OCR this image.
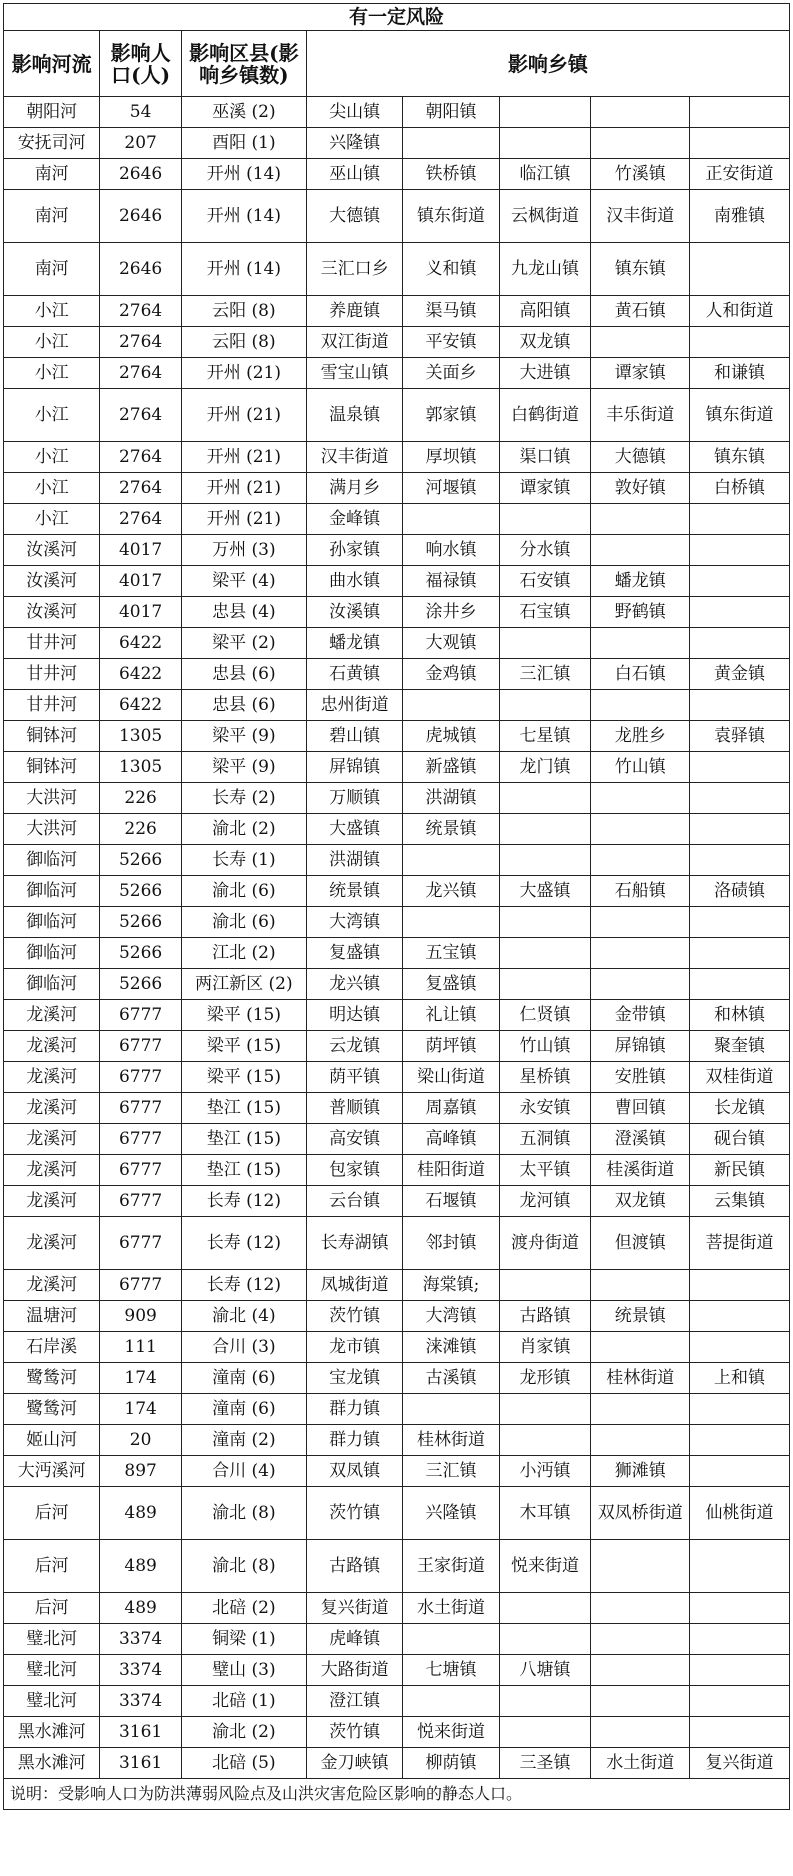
有一定风险							
影响河流	影响人口(人)	影响区县(影响乡镇数)	影响乡镇				
朝阳河	54	巫溪 (2)	尖山镇	朝阳镇			
安抚司河	207	酉阳 (1)	兴隆镇				
南河	2646	开州 (14)	巫山镇	铁桥镇	临江镇	竹溪镇	正安街道
南河	2646	开州 (14)	大德镇	镇东街道	云枫街道	汉丰街道	南雅镇
南河	2646	开州 (14)	三汇口乡	义和镇	九龙山镇	镇东镇	
小江	2764	云阳 (8)	养鹿镇	渠马镇	高阳镇	黄石镇	人和街道
小江	2764	云阳 (8)	双江街道	平安镇	双龙镇		
小江	2764	开州 (21)	雪宝山镇	关面乡	大进镇	谭家镇	和谦镇
小江	2764	开州 (21)	温泉镇	郭家镇	白鹤街道	丰乐街道	镇东街道
小江	2764	开州 (21)	汉丰街道	厚坝镇	渠口镇	大德镇	镇东镇
小江	2764	开州 (21)	满月乡	河堰镇	谭家镇	敦好镇	白桥镇
小江	2764	开州 (21)	金峰镇				
汝溪河	4017	万州 (3)	孙家镇	响水镇	分水镇		
汝溪河	4017	梁平 (4)	曲水镇	福禄镇	石安镇	蟠龙镇	
汝溪河	4017	忠县 (4)	汝溪镇	涂井乡	石宝镇	野鹤镇	
甘井河	6422	梁平 (2)	蟠龙镇	大观镇			
甘井河	6422	忠县 (6)	石黄镇	金鸡镇	三汇镇	白石镇	黄金镇
甘井河	6422	忠县 (6)	忠州街道				
铜钵河	1305	梁平 (9)	碧山镇	虎城镇	七星镇	龙胜乡	袁驿镇
铜钵河	1305	梁平 (9)	屏锦镇	新盛镇	龙门镇	竹山镇	
大洪河	226	长寿 (2)	万顺镇	洪湖镇			
大洪河	226	渝北 (2)	大盛镇	统景镇			
御临河	5266	长寿 (1)	洪湖镇				
御临河	5266	渝北 (6)	统景镇	龙兴镇	大盛镇	石船镇	洛碛镇
御临河	5266	渝北 (6)	大湾镇				
御临河	5266	江北 (2)	复盛镇	五宝镇			
御临河	5266	两江新区 (2)	龙兴镇	复盛镇			
龙溪河	6777	梁平 (15)	明达镇	礼让镇	仁贤镇	金带镇	和林镇
龙溪河	6777	梁平 (15)	云龙镇	荫坪镇	竹山镇	屏锦镇	聚奎镇
龙溪河	6777	梁平 (15)	荫平镇	梁山街道	星桥镇	安胜镇	双桂街道
龙溪河	6777	垫江 (15)	普顺镇	周嘉镇	永安镇	曹回镇	长龙镇
龙溪河	6777	垫江 (15)	高安镇	高峰镇	五洞镇	澄溪镇	砚台镇
龙溪河	6777	垫江 (15)	包家镇	桂阳街道	太平镇	桂溪街道	新民镇
龙溪河	6777	长寿 (12)	云台镇	石堰镇	龙河镇	双龙镇	云集镇
龙溪河	6777	长寿 (12)	长寿湖镇	邻封镇	渡舟街道	但渡镇	菩提街道
龙溪河	6777	长寿 (12)	凤城街道	海棠镇;			
温塘河	909	渝北 (4)	茨竹镇	大湾镇	古路镇	统景镇	
石岸溪	111	合川 (3)	龙市镇	涞滩镇	肖家镇		
鹭鸶河	174	潼南 (6)	宝龙镇	古溪镇	龙形镇	桂林街道	上和镇
鹭鸶河	174	潼南 (6)	群力镇				
姬山河	20	潼南 (2)	群力镇	桂林街道			
大沔溪河	897	合川 (4)	双凤镇	三汇镇	小沔镇	狮滩镇	
后河	489	渝北 (8)	茨竹镇	兴隆镇	木耳镇	双凤桥街道	仙桃街道
后河	489	渝北 (8)	古路镇	王家街道	悦来街道		
后河	489	北碚 (2)	复兴街道	水土街道			
璧北河	3374	铜梁 (1)	虎峰镇				
璧北河	3374	璧山 (3)	大路街道	七塘镇	八塘镇		
璧北河	3374	北碚 (1)	澄江镇				
黑水滩河	3161	渝北 (2)	茨竹镇	悦来街道			
黑水滩河	3161	北碚 (5)	金刀峡镇	柳荫镇	三圣镇	水土街道	复兴街道
说明：受影响人口为防洪薄弱风险点及山洪灾害危险区影响的静态人口。							
